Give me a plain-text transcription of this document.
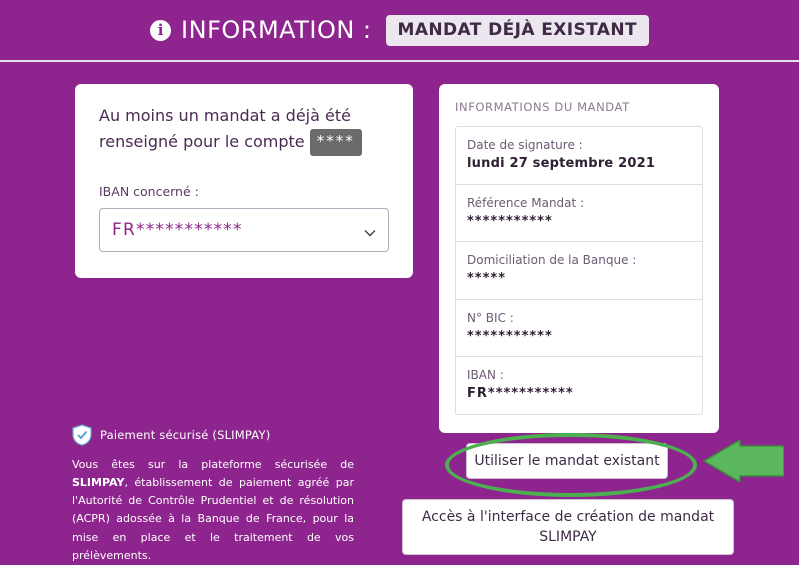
i INFORMATION :	MANDAT DÉJÀ EXISTANT
Au moins un mandat a déjà été renseigné pour le compte ****
IBAN concerné :
FR***********
INFORMATIONS DU MANDAT
Date de signature :
lundi 27 septembre 2021
Référence Mandat :
***********
Domiciliation de la Banque :
*****
N° BIC :
***********
IBAN :
FR***********
Paiement sécurisé (SLIMPAY)
Vous êtes sur la plateforme sécurisée de SLIMPAY, établissement de paiement agréé par l'Autorité de Contrôle Prudentiel et de résolution (ACPR) adossée à la Banque de France, pour la mise en place et le traitement de vos prélèvements.
Utiliser le mandat existant
Accès à l'interface de création de mandat
SLIMPAY
